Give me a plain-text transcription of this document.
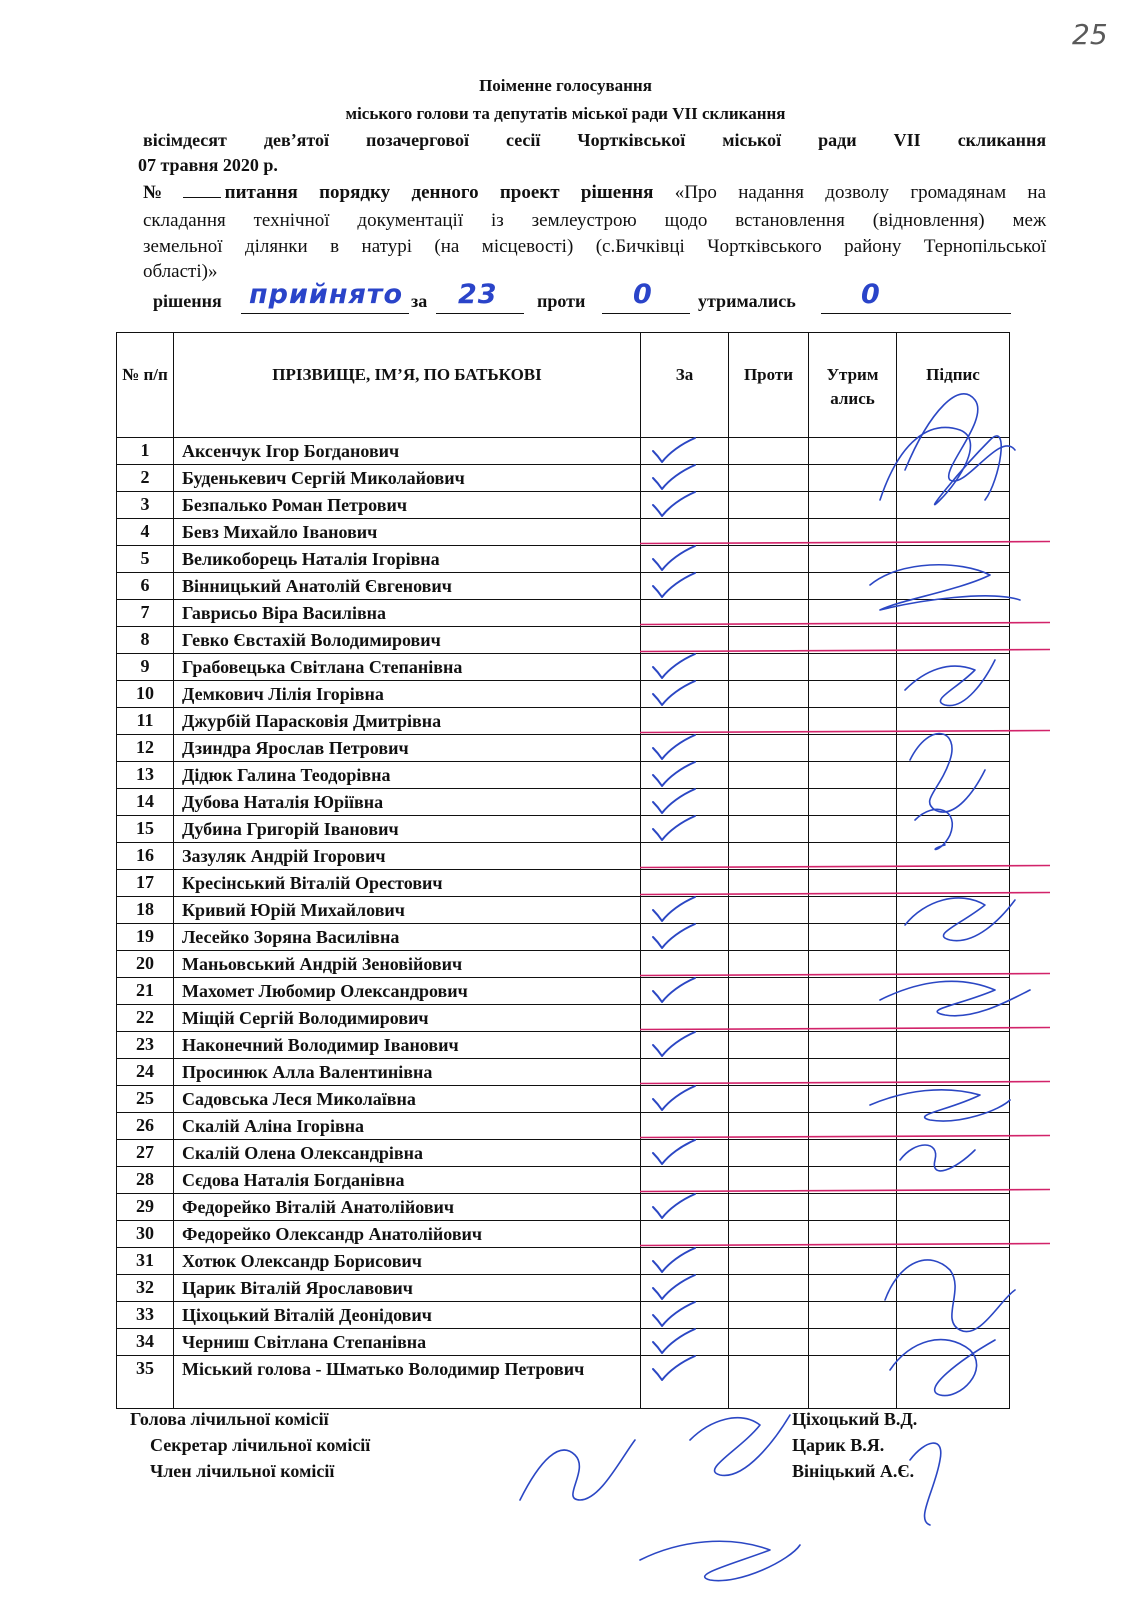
25
Поіменне голосування
міського голови та депутатів міської ради VII скликання
вісімдесят дев’ятої позачергової сесії Чортківської міської ради VII скликання
07 травня 2020 р.
№ питання порядку денного проект рішення «Про надання дозволу громадянам на
складання технічної документації із землеустрою щодо встановлення (відновлення) меж
земельної ділянки в натурі (на місцевості) (с.Бичківці Чортківського району Тернопільської
області)»
рішення прийнято за 23 проти 0	утримались 0
№ п/п	ПРІЗВИЩЕ, ІМ’Я, ПО БАТЬКОВІ	За	Проти	Утримались	Підпис

1	Аксенчук Ігор Богданович

2	Буденькевич Сергій Миколайович

3	Безпалько Роман Петрович

4	Бевз Михайло Іванович				

5	Великоборець Наталія Ігорівна

6	Вінницький Анатолій Євгенович

7	Гаврисьо Віра Василівна				

8	Гевко Євстахій Володимирович				

9	Грабовецька Світлана Степанівна

10	Демкович Лілія Ігорівна

11	Джурбій Парасковія Дмитрівна				

12	Дзиндра Ярослав Петрович

13	Дідюк Галина Теодорівна

14	Дубова Наталія Юріївна

15	Дубина Григорій Іванович

16	Зазуляк Андрій Ігорович				

17	Кресінський Віталій Орестович				

18	Кривий Юрій Михайлович

19	Лесейко Зоряна Василівна

20	Маньовський Андрій Зеновійович				

21	Махомет Любомир Олександрович

22	Міщій Сергій Володимирович				

23	Наконечний Володимир Іванович

24	Просинюк Алла Валентинівна				

25	Садовська Леся Миколаївна

26	Скалій Аліна Ігорівна				

27	Скалій Олена Олександрівна

28	Сєдова Наталія Богданівна				

29	Федорейко Віталій Анатолійович

30	Федорейко Олександр Анатолійович				

31	Хотюк Олександр Борисович

32	Царик Віталій Ярославович

33	Ціхоцький Віталій Деонідович

34	Черниш Світлана Степанівна

35	Міський голова - Шматько Володимир Петрович

Голова лічильної комісії	Ціхоцький В.Д.
Секретар лічильної комісії	Царик В.Я.
Член лічильної комісії	Вініцький А.Є.
